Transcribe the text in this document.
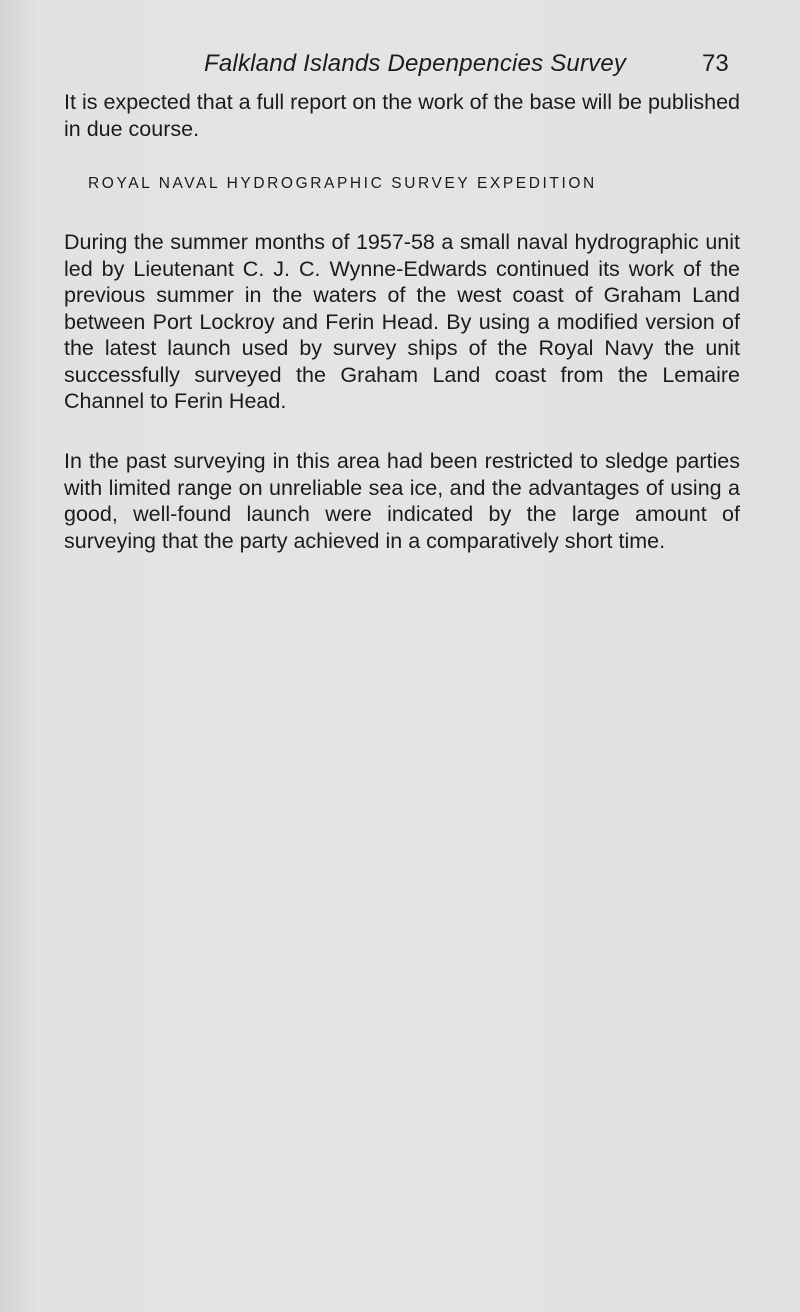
Falkland Islands Depenpencies Survey	73

It is expected that a full report on the work of the base will be published in due course.

ROYAL NAVAL HYDROGRAPHIC SURVEY EXPEDITION

During the summer months of 1957-58 a small naval hydrographic unit led by Lieutenant C. J. C. Wynne-Edwards continued its work of the previous summer in the waters of the west coast of Graham Land between Port Lockroy and Ferin Head. By using a modified version of the latest launch used by survey ships of the Royal Navy the unit successfully surveyed the Graham Land coast from the Lemaire Channel to Ferin Head.

In the past surveying in this area had been restricted to sledge parties with limited range on unreliable sea ice, and the advantages of using a good, well-found launch were indicated by the large amount of surveying that the party achieved in a comparatively short time.
